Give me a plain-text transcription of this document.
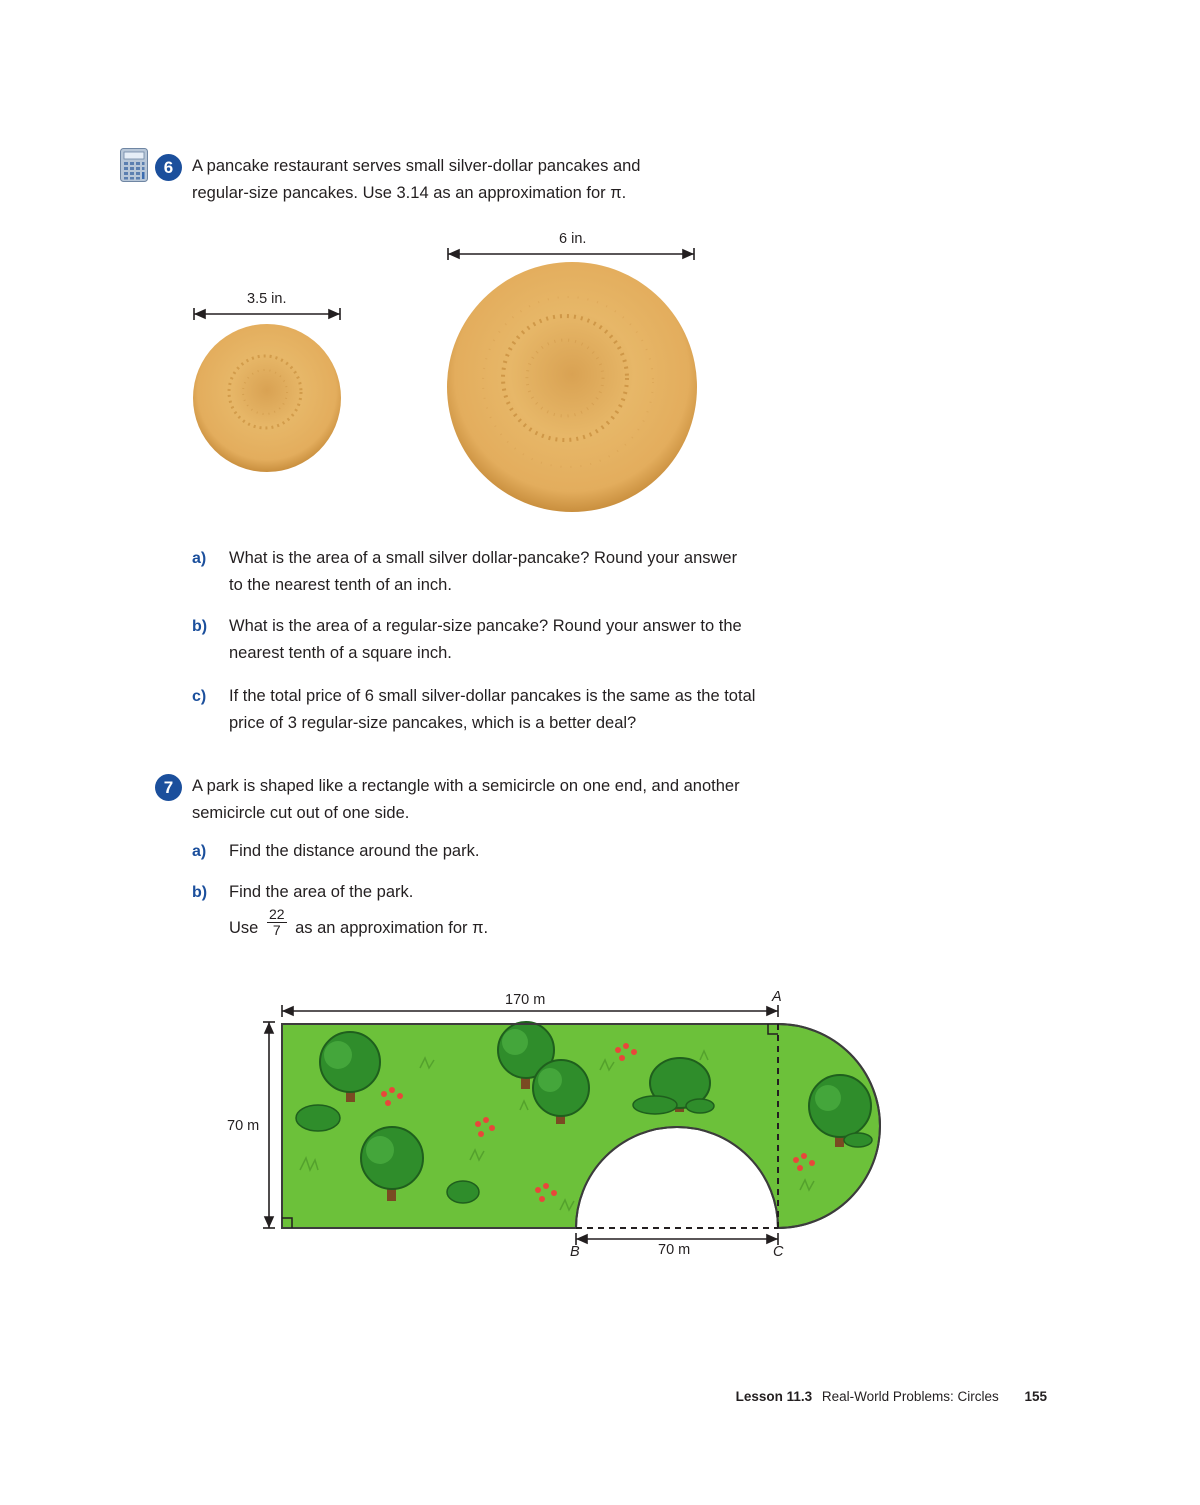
6	A pancake restaurant serves small silver-dollar pancakes and
regular-size pancakes. Use 3.14 as an approximation for π.
3.5 in.
6 in.
a) What is the area of a small silver dollar-pancake? Round your answer
to the nearest tenth of an inch.
b) What is the area of a regular-size pancake? Round your answer to the
nearest tenth of a square inch.
c) If the total price of 6 small silver-dollar pancakes is the same as the total
price of 3 regular-size pancakes, which is a better deal?
7	A park is shaped like a rectangle with a semicircle on one end, and another
semicircle cut out of one side.
a) Find the distance around the park.
b) Find the area of the park.
Use $\frac{22}{7}$ as an approximation for π.
170 m
70 m
70 m
A
B	C
Lesson 11.3 Real-World Problems: Circles 155
